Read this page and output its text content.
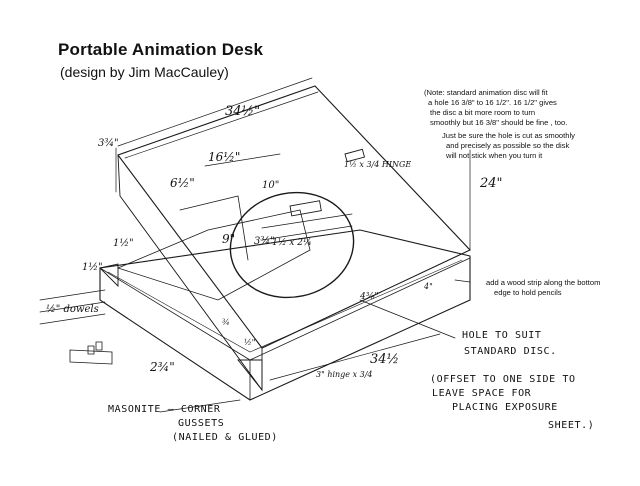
Portable Animation Desk
(design by Jim MacCauley)
(Note: standard animation disc will fit
a hole 16 3/8" to 16 1/2". 16 1/2" gives
the disc a bit more room to turn
smoothly but 16 3/8" should be fine , too.
Just be sure the hole is cut as smoothly
and precisely as possible so the disk
will not stick when you turn it
add a wood strip along the bottom
edge to hold pencils
HOLE TO SUIT
STANDARD DISC.
(OFFSET TO ONE SIDE TO
LEAVE SPACE FOR
PLACING EXPOSURE
SHEET.)
MASONITE — CORNER
GUSSETS
(NAILED & GLUED)
34½"
24"
3¾"
16½"
6½"
1½ x 3/4 HINGE
10"
3¾"
1½ x 2¼
9"
1½"
1½"
½" dowels
2¾"	34½
3" hinge x 3/4
4⅜"
½"
¾
4"
